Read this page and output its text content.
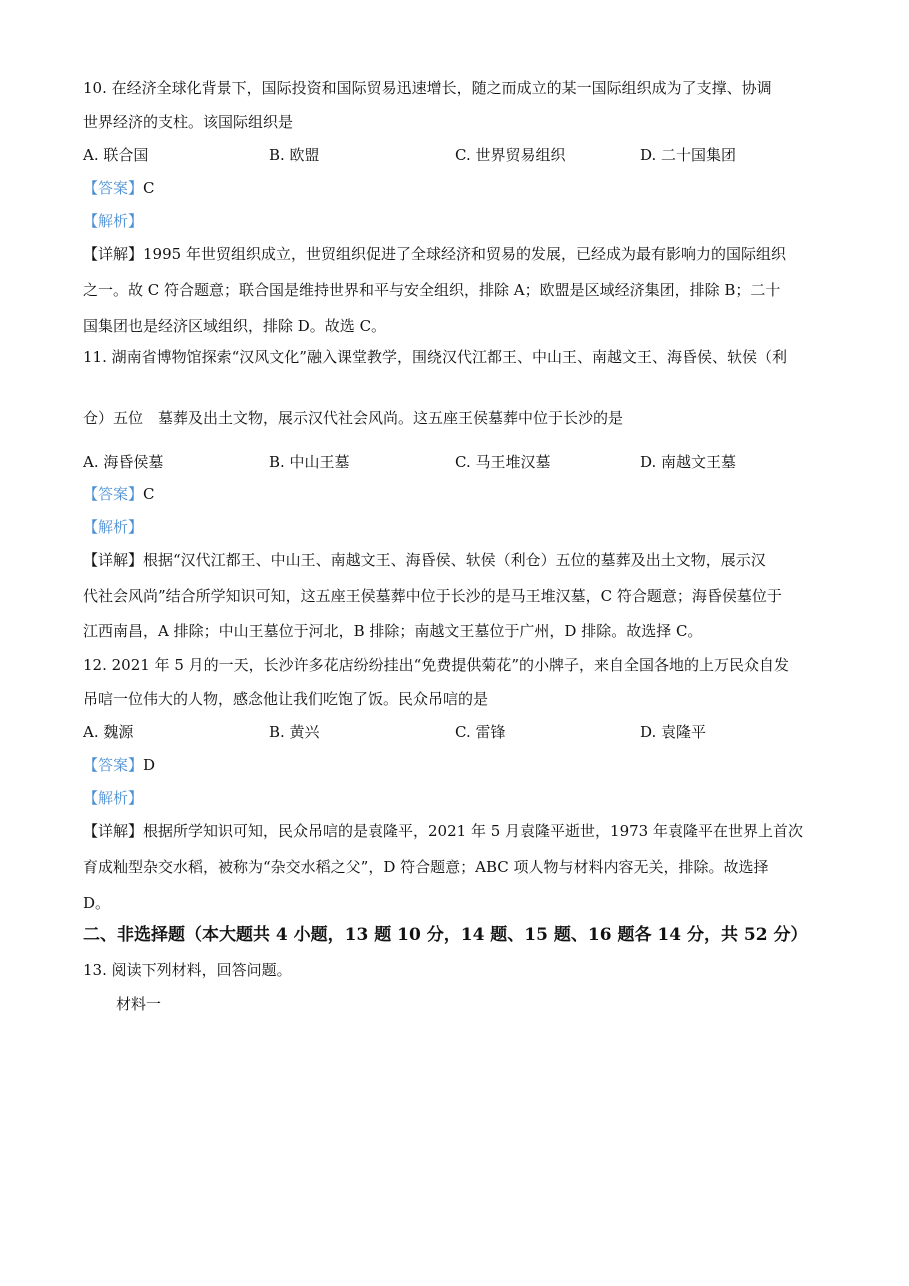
10. 在经济全球化背景下，国际投资和国际贸易迅速增长，随之而成立的某一国际组织成为了支撑、协调
世界经济的支柱。该国际组织是
A. 联合国	B. 欧盟	C. 世界贸易组织	D. 二十国集团
【答案】C
【解析】
【详解】1995 年世贸组织成立，世贸组织促进了全球经济和贸易的发展，已经成为最有影响力的国际组织
之一。故 C 符合题意；联合国是维持世界和平与安全组织，排除 A；欧盟是区域经济集团，排除 B；二十
国集团也是经济区域组织，排除 D。故选 C。
11. 湖南省博物馆探索“汉风文化”融入课堂教学，围绕汉代江都王、中山王、南越文王、海昏侯、轪侯（利
仓）五位　墓葬及出土文物，展示汉代社会风尚。这五座王侯墓葬中位于长沙的是
A. 海昏侯墓	B. 中山王墓	C. 马王堆汉墓	D. 南越文王墓
【答案】C
【解析】
【详解】根据“汉代江都王、中山王、南越文王、海昏侯、轪侯（利仓）五位的墓葬及出土文物，展示汉
代社会风尚”结合所学知识可知，这五座王侯墓葬中位于长沙的是马王堆汉墓，C 符合题意；海昏侯墓位于
江西南昌，A 排除；中山王墓位于河北，B 排除；南越文王墓位于广州，D 排除。故选择 C。
12. 2021 年 5 月的一天，长沙许多花店纷纷挂出“免费提供菊花”的小牌子，来自全国各地的上万民众自发
吊唁一位伟大的人物，感念他让我们吃饱了饭。民众吊唁的是
A. 魏源	B. 黄兴	C. 雷锋	D. 袁隆平
【答案】D
【解析】
【详解】根据所学知识可知，民众吊唁的是袁隆平，2021 年 5 月袁隆平逝世，1973 年袁隆平在世界上首次
育成籼型杂交水稻，被称为“杂交水稻之父”，D 符合题意；ABC 项人物与材料内容无关，排除。故选择
D。
二、非选择题（本大题共 4 小题，13 题 10 分，14 题、15 题、16 题各 14 分，共 52 分）
13. 阅读下列材料，回答问题。
材料一
